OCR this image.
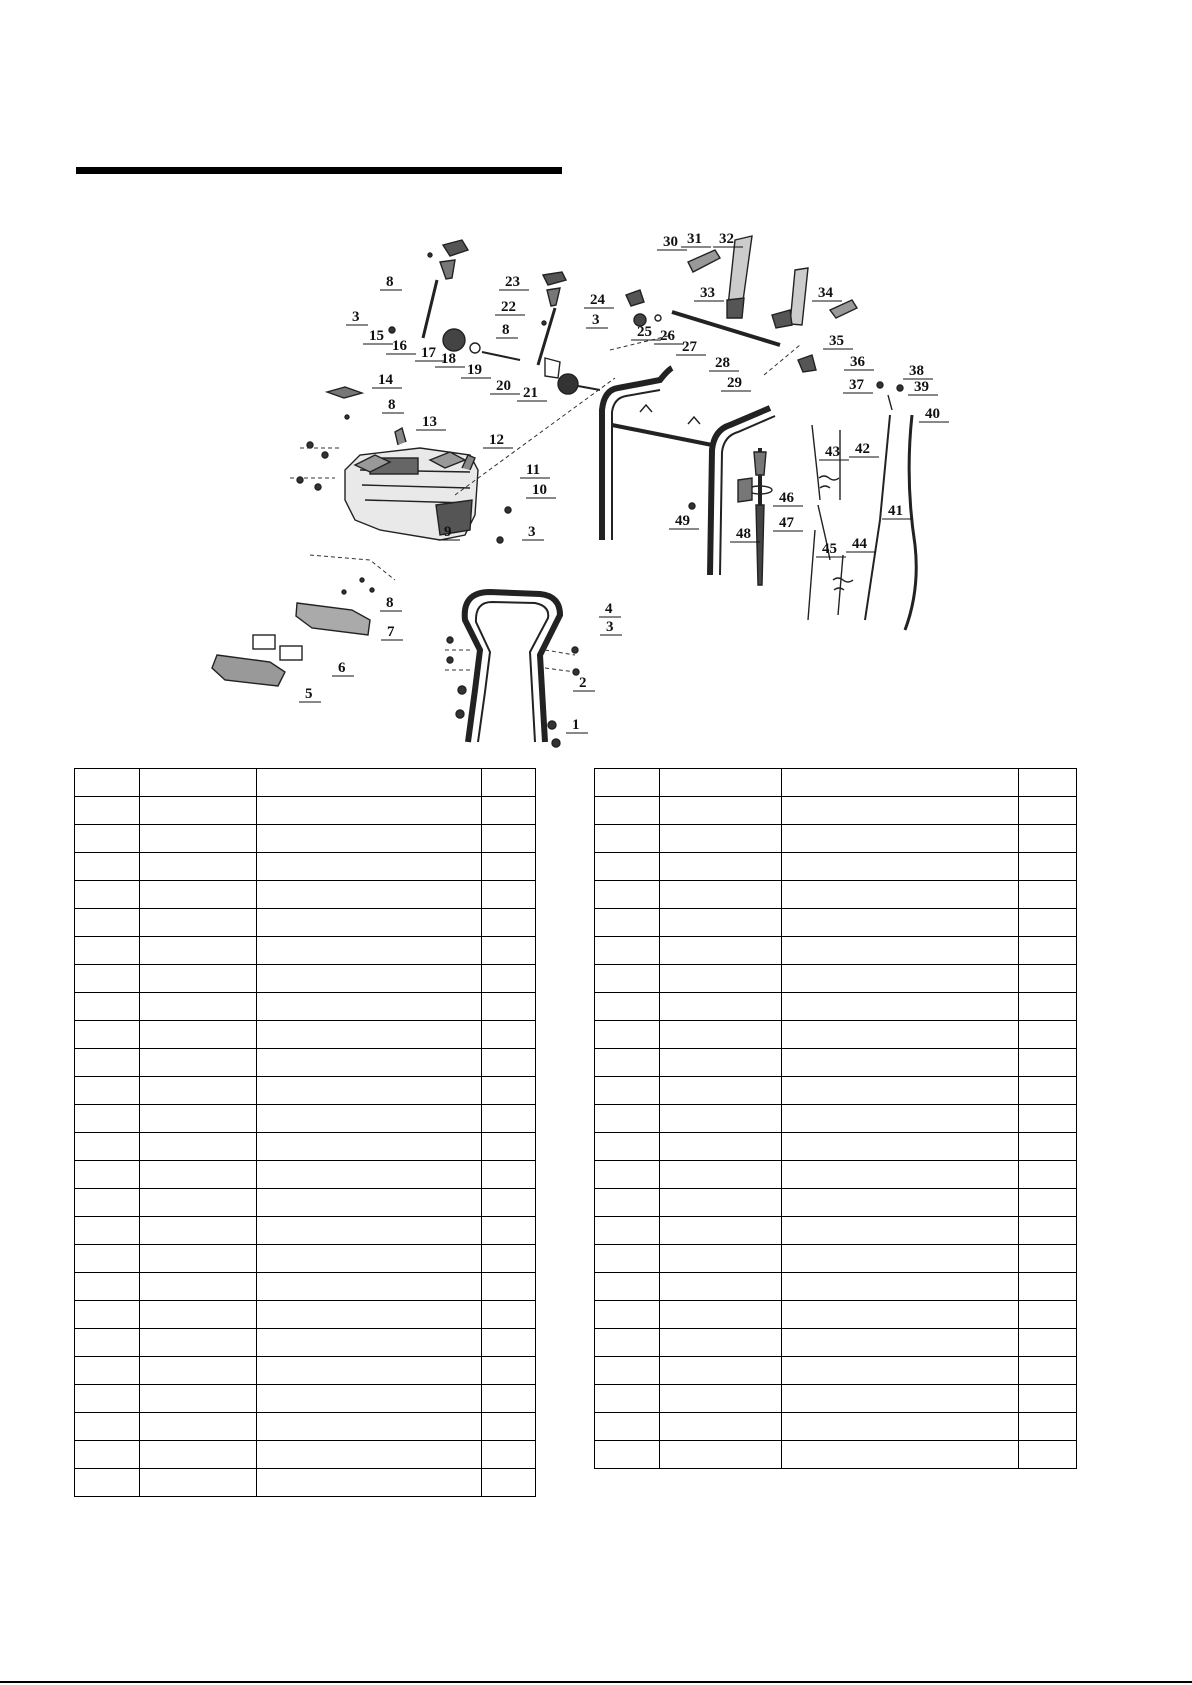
1
2
3
4
5
6
7
8
9	3
10
11
12
13
8
14
3
15
16 17 18
19
20 21
8	23
22
8
24
3
25 26
27
28
29
30 31 32
33	34
35
36
37
38
39
40
41
42
43
44
45
46
47
48
49
